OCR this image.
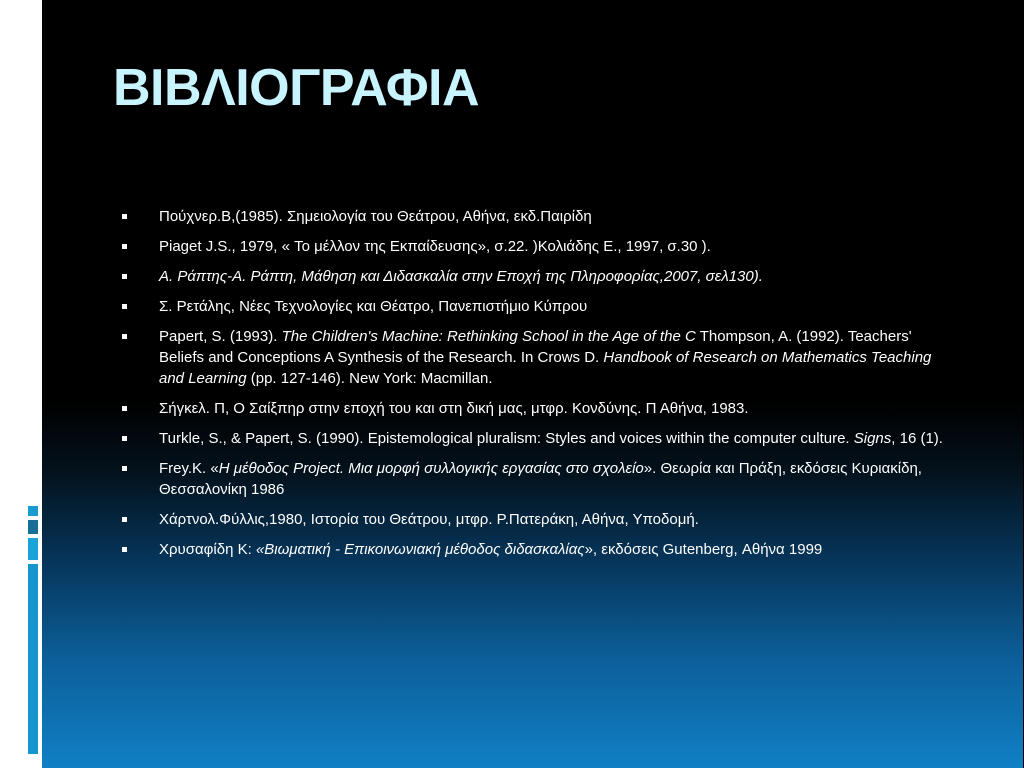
ΒΙΒΛΙΟΓΡΑΦΙΑ
Πούχνερ.Β,(1985). Σημειολογία του Θεάτρου, Αθήνα, εκδ.Παιρίδη
Piaget J.S., 1979, « Το μέλλον της Εκπαίδευσης», σ.22. )Κολιάδης Ε., 1997, σ.30 ).
Α. Ράπτης-Α. Ράπτη, Μάθηση και Διδασκαλία στην Εποχή της Πληροφορίας,2007, σελ130).
Σ. Ρετάλης, Νέες Τεχνολογίες και Θέατρο, Πανεπιστήμιο Κύπρου
Papert, S. (1993). The Children's Machine: Rethinking School in the Age of the C Thompson, A. (1992). Teachers' Beliefs and Conceptions A Synthesis of the Research. In Crows D. Handbook of Research on Mathematics Teaching and Learning (pp. 127-146). New York: Macmillan.
Σήγκελ. Π, Ο Σαίξπηρ στην εποχή του και στη δική μας, μτφρ. Κονδύνης. Π Αθήνα, 1983.
Turkle, S., & Papert, S. (1990). Epistemological pluralism: Styles and voices within the computer culture. Signs, 16 (1).
Frey.K. «Η μέθοδος Project. Μια μορφή συλλογικής εργασίας στο σχολείο». Θεωρία και Πράξη, εκδόσεις Κυριακίδη, Θεσσαλονίκη 1986
Χάρτνολ.Φύλλις,1980, Ιστορία του Θεάτρου, μτφρ. Ρ.Πατεράκη, Αθήνα, Υποδομή.
Χρυσαφίδη Κ: «Βιωματική - Επικοινωνιακή μέθοδος διδασκαλίας», εκδόσεις Gutenberg, Αθήνα 1999
